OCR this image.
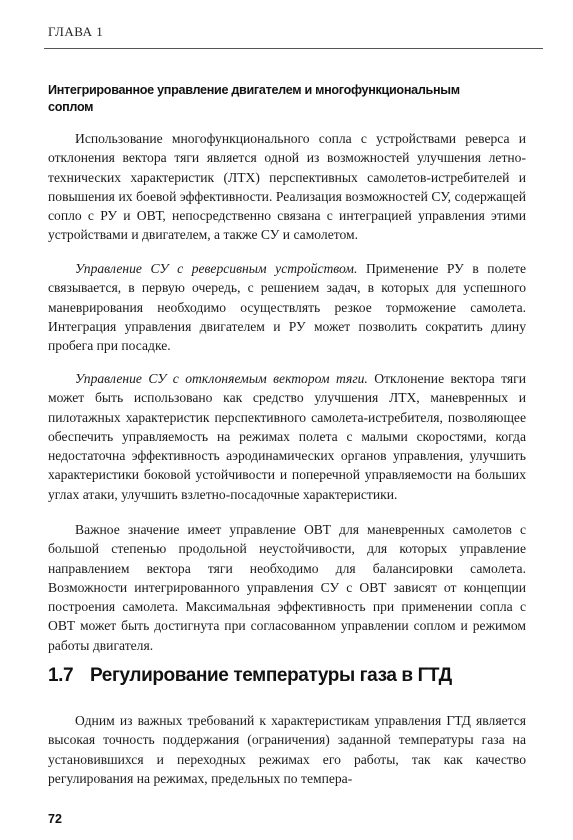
ГЛАВА 1
Интегрированное управление двигателем и многофункциональным соплом

Использование многофункционального сопла с устройствами реверса и отклонения вектора тяги является одной из возможностей улучшения летно-технических характеристик (ЛТХ) перспективных самолетов-истребителей и повышения их боевой эффективности. Реализация возможностей СУ, содержащей сопло с РУ и ОВТ, непосредственно связана с интеграцией управления этими устройствами и двигателем, а также СУ и самолетом.

Управление СУ с реверсивным устройством. Применение РУ в полете связывается, в первую очередь, с решением задач, в которых для успешного маневрирования необходимо осуществлять резкое торможение самолета. Интеграция управления двигателем и РУ может позволить сократить длину пробега при посадке.

Управление СУ с отклоняемым вектором тяги. Отклонение вектора тяги может быть использовано как средство улучшения ЛТХ, маневренных и пилотажных характеристик перспективного самолета-истребителя, позволяющее обеспечить управляемость на режимах полета с малыми скоростями, когда недостаточна эффективность аэродинамических органов управления, улучшить характеристики боковой устойчивости и поперечной управляемости на больших углах атаки, улучшить взлетно-посадочные характеристики.

Важное значение имеет управление ОВТ для маневренных самолетов с большой степенью продольной неустойчивости, для которых управление направлением вектора тяги необходимо для балансировки самолета. Возможности интегрированного управления СУ с ОВТ зависят от концепции построения самолета. Максимальная эффективность при применении сопла с ОВТ может быть достигнута при согласованном управлении соплом и режимом работы двигателя.

1.7 Регулирование температуры газа в ГТД

Одним из важных требований к характеристикам управления ГТД является высокая точность поддержания (ограничения) заданной температуры газа на установившихся и переходных режимах его работы, так как качество регулирования на режимах, предельных по темпера-

72
